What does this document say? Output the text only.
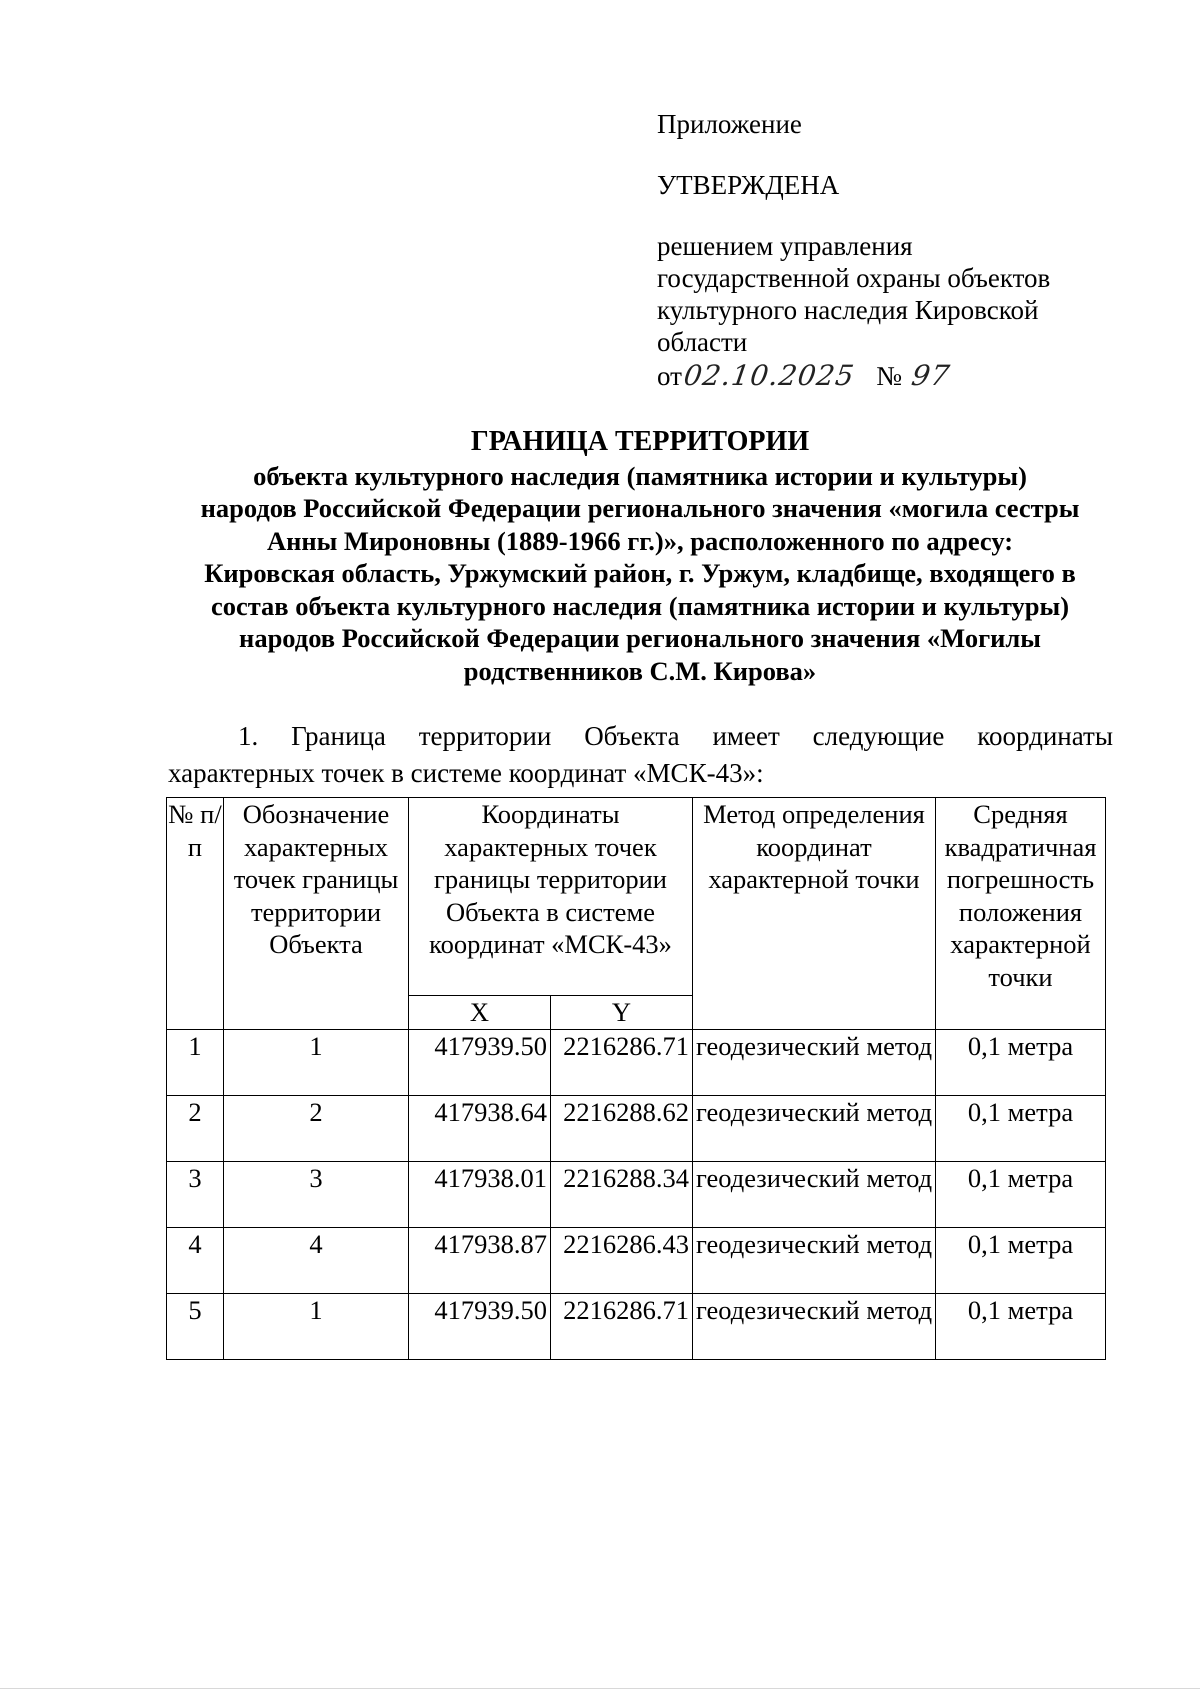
Приложение
УТВЕРЖДЕНА
решением управления
государственной охраны объектов
культурного наследия Кировской
области
от02.10.2025 № 97
ГРАНИЦА ТЕРРИТОРИИ
объекта культурного наследия (памятника истории и культуры)
народов Российской Федерации регионального значения «могила сестры
Анны Мироновны (1889-1966 гг.)», расположенного по адресу:
Кировская область, Уржумский район, г. Уржум, кладбище, входящего в
состав объекта культурного наследия (памятника истории и культуры)
народов Российской Федерации регионального значения «Могилы
родственников С.М. Кирова»
1. Граница территории Объекта имеет следующие координаты
характерных точек в системе координат «МСК-43»:
№ п/п	Обозначение характерных точек границы территории Объекта	Координаты характерных точек границы территории Объекта в системе координат «МСК-43»		Метод определения координат характерной точки	Средняя квадратичная погрешность положения характерной точки
		X	Y		
1	1	417939.50	2216286.71	геодезический метод	0,1 метра
2	2	417938.64	2216288.62	геодезический метод	0,1 метра
3	3	417938.01	2216288.34	геодезический метод	0,1 метра
4	4	417938.87	2216286.43	геодезический метод	0,1 метра
5	1	417939.50	2216286.71	геодезический метод	0,1 метра
